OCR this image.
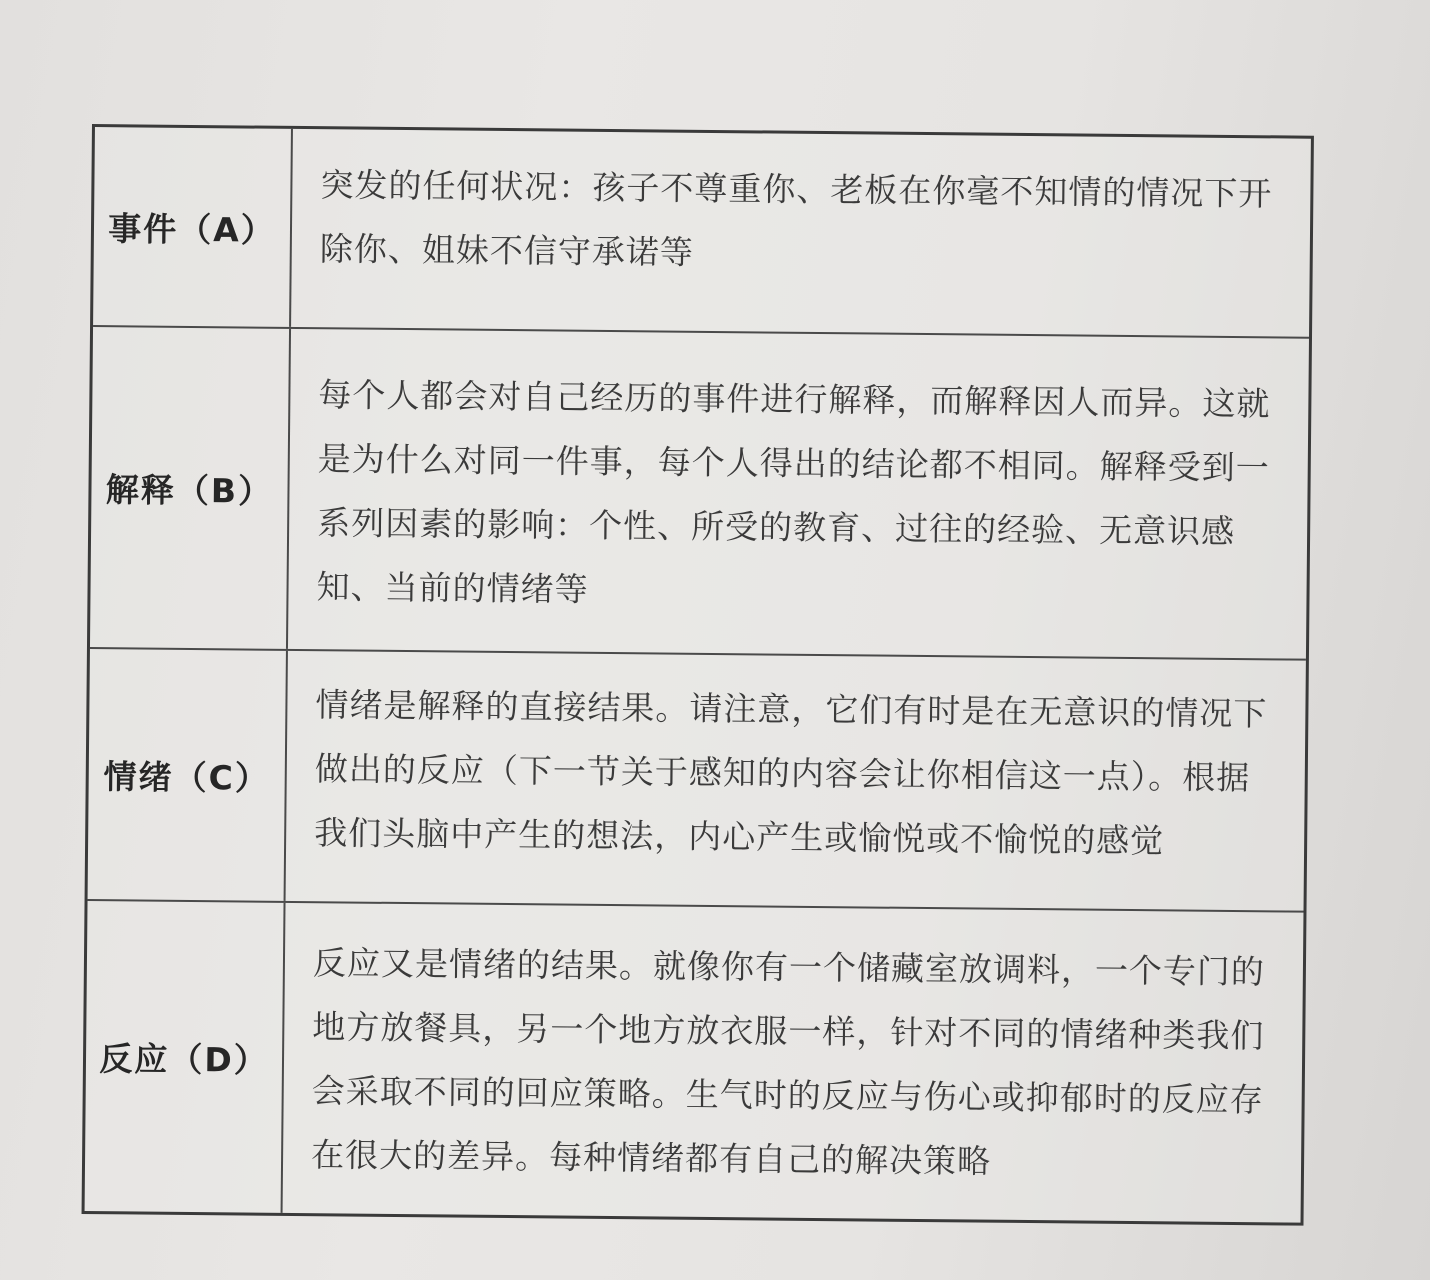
事件（A）
突发的任何状况：孩子不尊重你、老板在你毫不知情的情况下开除你、姐妹不信守承诺等
解释（B）
每个人都会对自己经历的事件进行解释，而解释因人而异。这就是为什么对同一件事，每个人得出的结论都不相同。解释受到一系列因素的影响：个性、所受的教育、过往的经验、无意识感知、当前的情绪等
情绪（C）
情绪是解释的直接结果。请注意，它们有时是在无意识的情况下做出的反应（下一节关于感知的内容会让你相信这一点）。根据我们头脑中产生的想法，内心产生或愉悦或不愉悦的感觉
反应（D）
反应又是情绪的结果。就像你有一个储藏室放调料，一个专门的地方放餐具，另一个地方放衣服一样，针对不同的情绪种类我们会采取不同的回应策略。生气时的反应与伤心或抑郁时的反应存在很大的差异。每种情绪都有自己的解决策略
